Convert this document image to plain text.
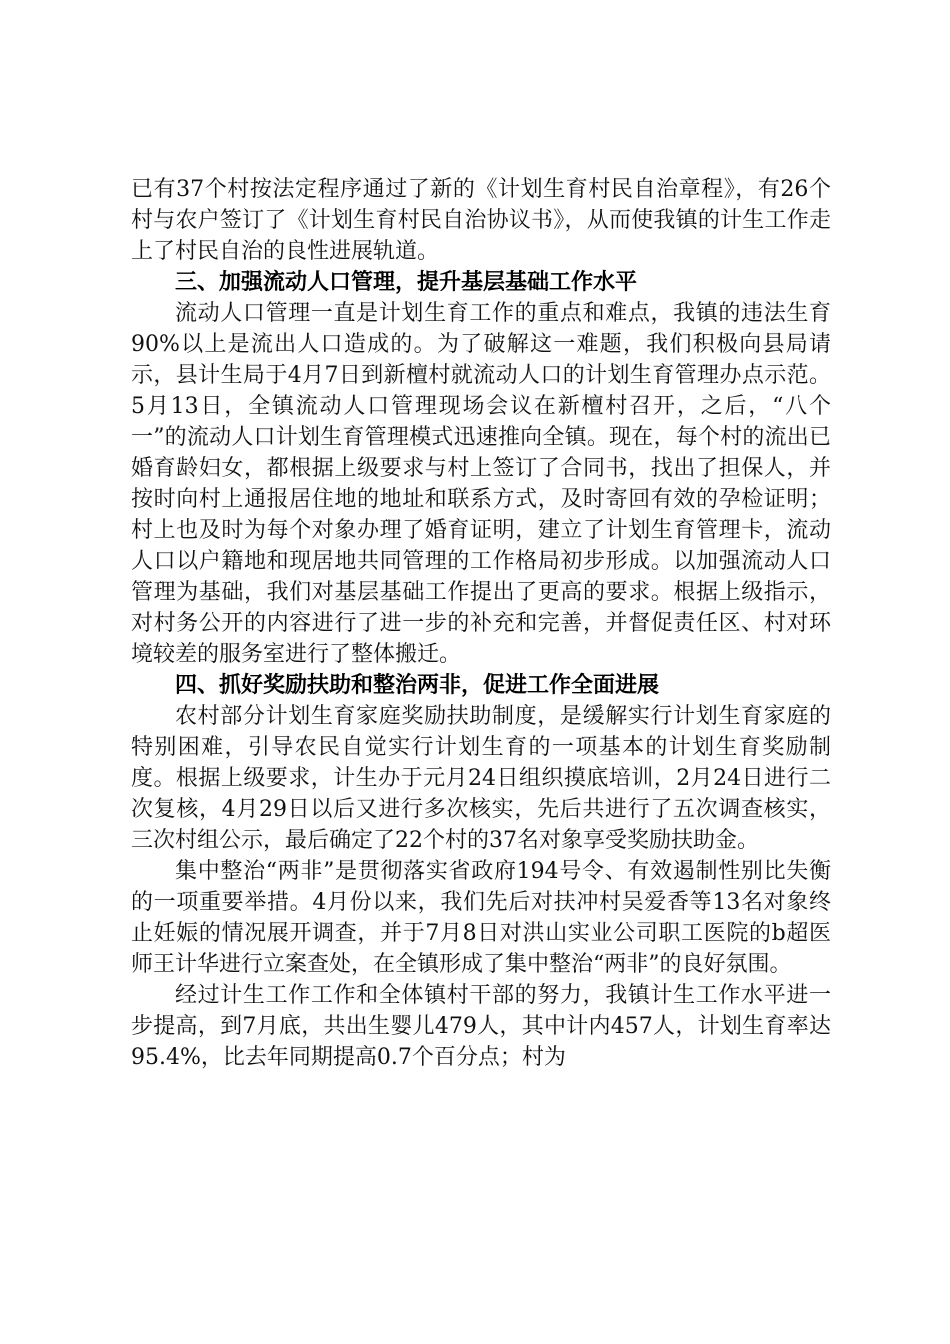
已有37个村按法定程序通过了新的《计划生育村民自治章程》，有26个村与农户签订了《计划生育村民自治协议书》，从而使我镇的计生工作走上了村民自治的良性进展轨道。

三、加强流动人口管理，提升基层基础工作水平

流动人口管理一直是计划生育工作的重点和难点，我镇的违法生育90%以上是流出人口造成的。为了破解这一难题，我们积极向县局请示，县计生局于4月7日到新檀村就流动人口的计划生育管理办点示范。5月13日，全镇流动人口管理现场会议在新檀村召开，之后，“八个一”的流动人口计划生育管理模式迅速推向全镇。现在，每个村的流出已婚育龄妇女，都根据上级要求与村上签订了合同书，找出了担保人，并按时向村上通报居住地的地址和联系方式，及时寄回有效的孕检证明；村上也及时为每个对象办理了婚育证明，建立了计划生育管理卡，流动人口以户籍地和现居地共同管理的工作格局初步形成。以加强流动人口管理为基础，我们对基层基础工作提出了更高的要求。根据上级指示，对村务公开的内容进行了进一步的补充和完善，并督促责任区、村对环境较差的服务室进行了整体搬迁。

四、抓好奖励扶助和整治两非，促进工作全面进展

农村部分计划生育家庭奖励扶助制度，是缓解实行计划生育家庭的特别困难，引导农民自觉实行计划生育的一项基本的计划生育奖励制度。根据上级要求，计生办于元月24日组织摸底培训，2月24日进行二次复核，4月29日以后又进行多次核实，先后共进行了五次调查核实，三次村组公示，最后确定了22个村的37名对象享受奖励扶助金。

集中整治“两非”是贯彻落实省政府194号令、有效遏制性别比失衡的一项重要举措。4月份以来，我们先后对扶冲村吴爱香等13名对象终止妊娠的情况展开调查，并于7月8日对洪山实业公司职工医院的b超医师王计华进行立案查处，在全镇形成了集中整治“两非”的良好氛围。

经过计生工作工作和全体镇村干部的努力，我镇计生工作水平进一步提高，到7月底，共出生婴儿479人，其中计内457人，计划生育率达95.4%，比去年同期提高0.7个百分点；村为
